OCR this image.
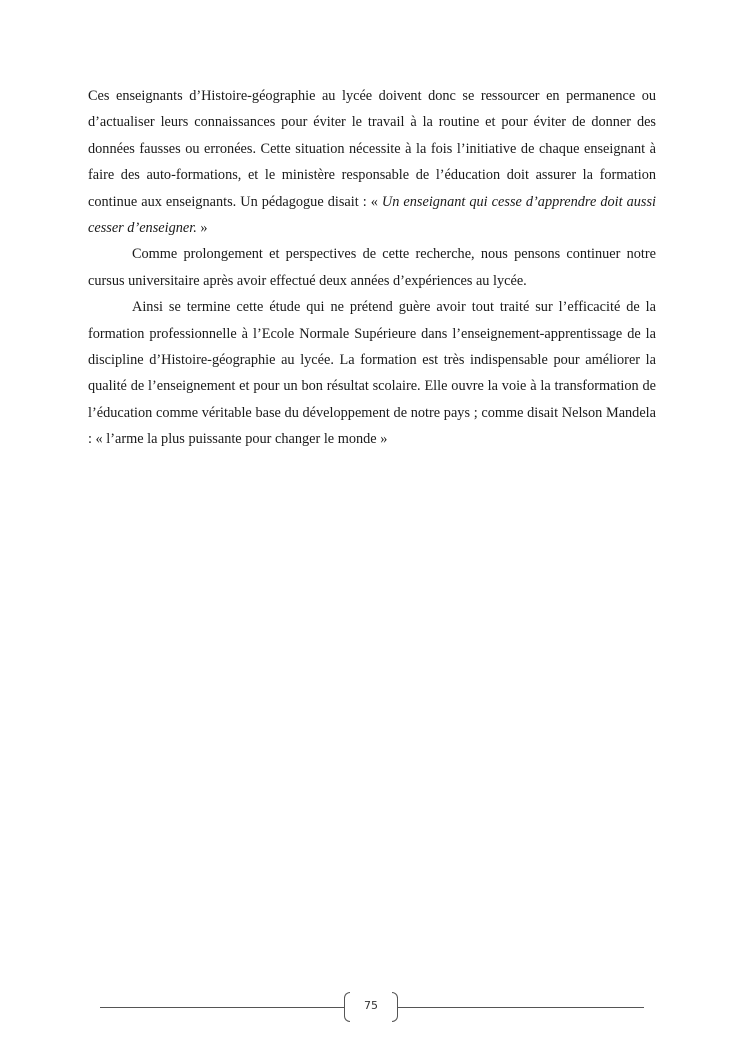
Ces enseignants d’Histoire-géographie au lycée doivent donc se ressourcer en permanence ou d’actualiser leurs connaissances pour éviter le travail à la routine et pour éviter de donner des données fausses ou erronées. Cette situation nécessite à la fois l’initiative de chaque enseignant à faire des auto-formations, et le ministère responsable de l’éducation doit assurer la formation continue aux enseignants. Un pédagogue disait : « Un enseignant qui cesse d’apprendre doit aussi cesser d’enseigner. »

Comme prolongement et perspectives de cette recherche, nous pensons continuer notre cursus universitaire après avoir effectué deux années d’expériences au lycée.

Ainsi se termine cette étude qui ne prétend guère avoir tout traité sur l’efficacité de la formation professionnelle à l’Ecole Normale Supérieure dans l’enseignement-apprentissage de la discipline d’Histoire-géographie au lycée. La formation est très indispensable pour améliorer la qualité de l’enseignement et pour un bon résultat scolaire. Elle ouvre la voie à la transformation de l’éducation comme véritable base du développement de notre pays ; comme disait Nelson Mandela : « l’arme la plus puissante pour changer le monde »

75
